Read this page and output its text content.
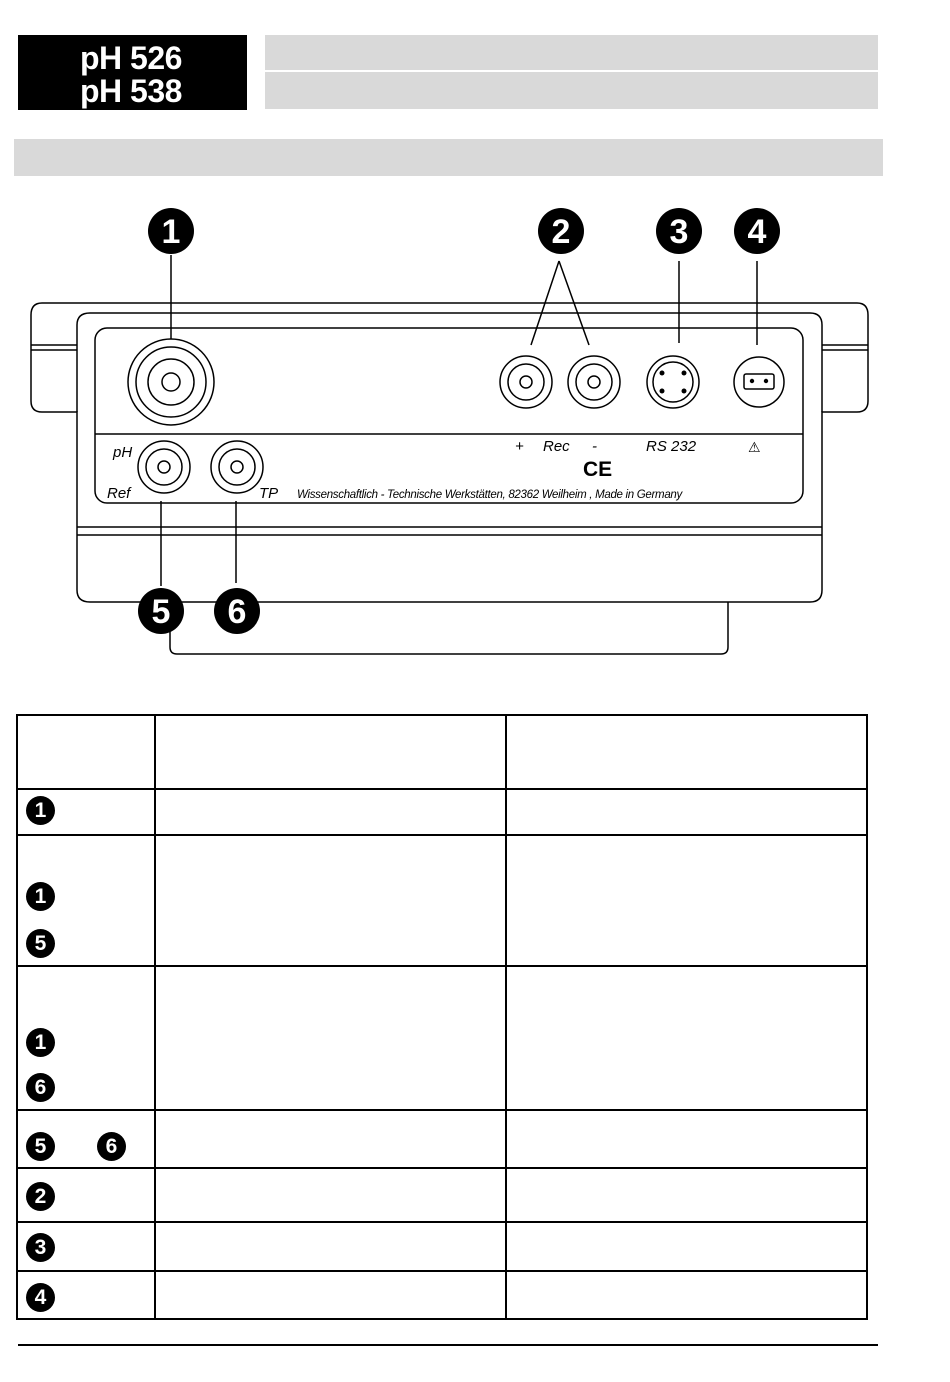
pH 526
pH 538
1	2	3 4
5 6
pH
Ref	TP
+ Rec -	RS 232
CE
⚠
Wissenschaftlich - Technische Werkstätten, 82362 Weilheim , Made in Germany
1
1
5
1
6
5	6
2
3
4
